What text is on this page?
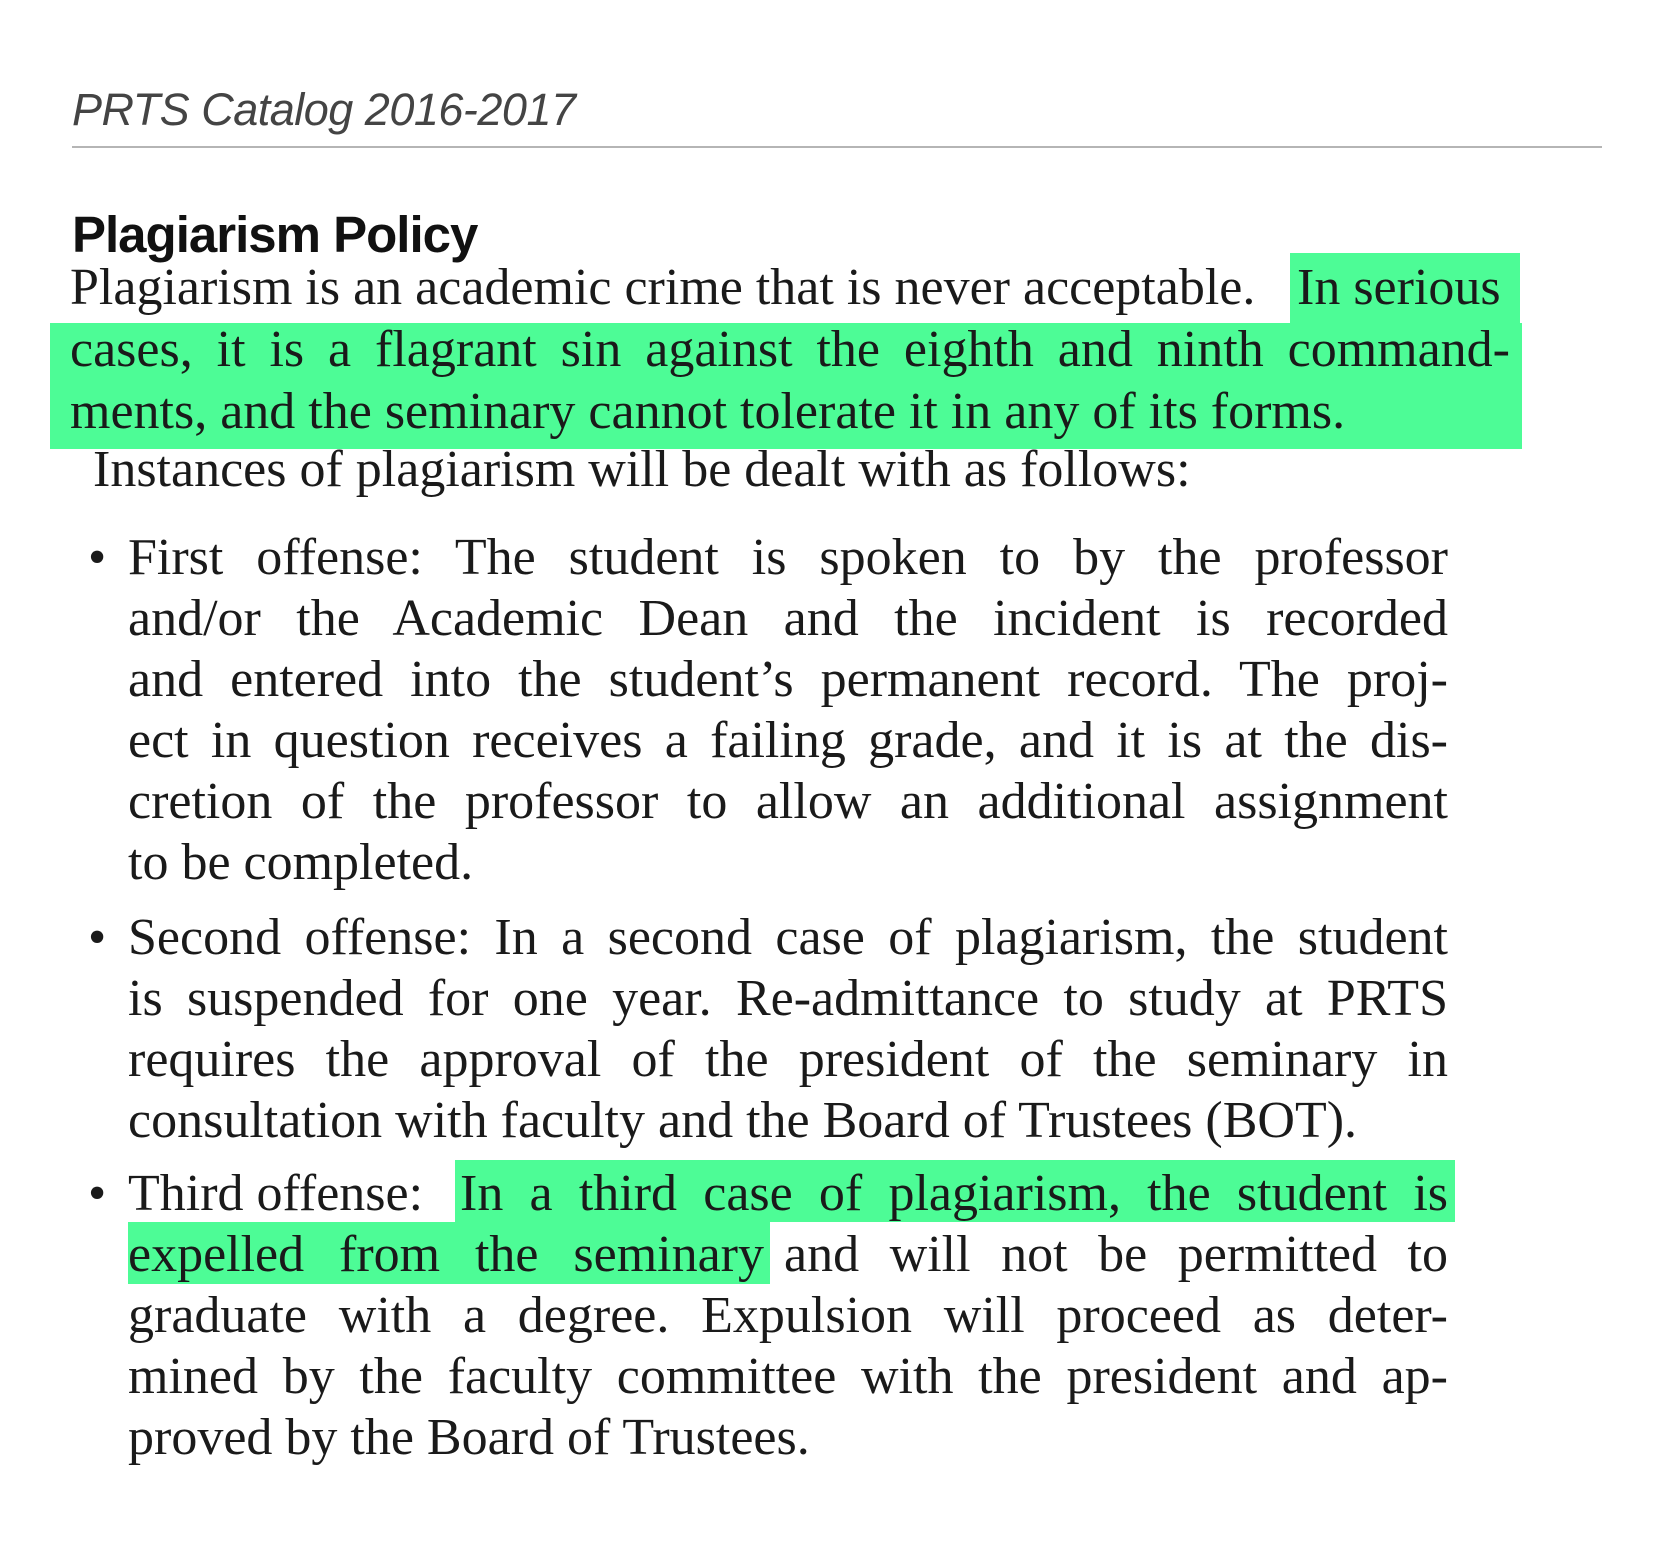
PRTS Catalog 2016-2017
Plagiarism Policy
Plagiarism is an academic crime that is never acceptable. In serious
cases, it is a flagrant sin against the eighth and ninth command-
ments, and the seminary cannot tolerate it in any of its forms.
Instances of plagiarism will be dealt with as follows:
• First offense: The student is spoken to by the professor
and/or the Academic Dean and the incident is recorded
and entered into the student’s permanent record. The proj-
ect in question receives a failing grade, and it is at the dis-
cretion of the professor to allow an additional assignment
to be completed.
• Second offense: In a second case of plagiarism, the student
is suspended for one year. Re-admittance to study at PRTS
requires the approval of the president of the seminary in
consultation with faculty and the Board of Trustees (BOT).
• Third offense: In a third case of plagiarism, the student is
expelled from the seminary and will not be permitted to
graduate with a degree. Expulsion will proceed as deter-
mined by the faculty committee with the president and ap-
proved by the Board of Trustees.
